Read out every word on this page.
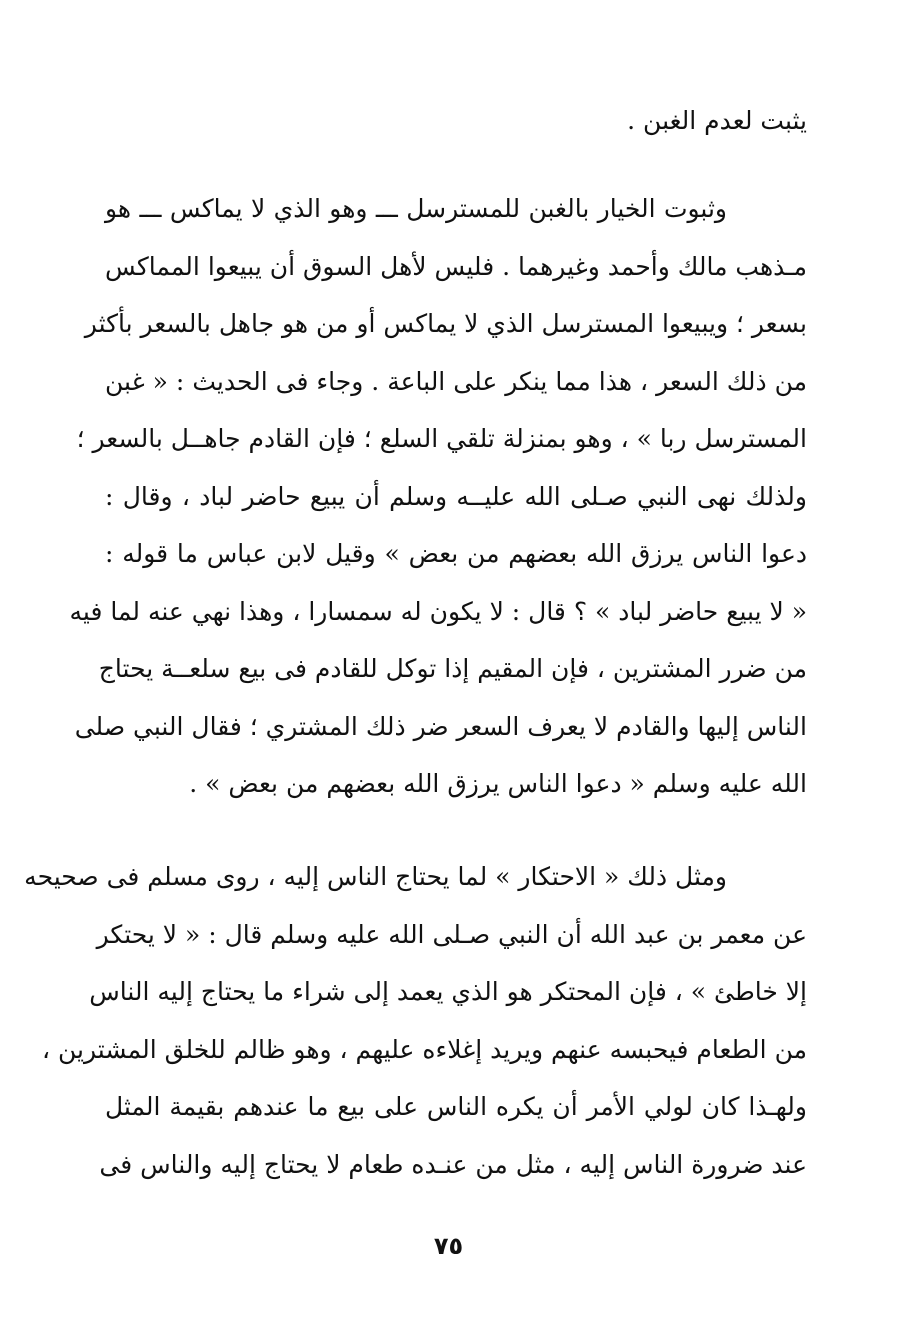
يثبت لعدم الغبن .

وثبوت الخيار بالغبن للمسترسل ـــ وهو الذي لا يماكس ـــ هو
مـذهب مالك وأحمد وغيرهما . فليس لأهل السوق أن يبيعوا المماكس
بسعر ؛ ويبيعوا المسترسل الذي لا يماكس أو من هو جاهل بالسعر بأكثر
من ذلك السعر ، هذا مما ينكر على الباعة . وجاء فى الحديث : « غبن
المسترسل ربا » ، وهو بمنزلة تلقي السلع ؛ فإن القادم جاهــل بالسعر ؛
ولذلك نهى النبي صـلى الله عليــه وسلم أن يبيع حاضر لباد ، وقال :
دعوا الناس يرزق الله بعضهم من بعض » وقيل لابن عباس ما قوله :
« لا يبيع حاضر لباد » ؟ قال : لا يكون له سمسارا ، وهذا نهي عنه لما فيه
من ضرر المشترين ، فإن المقيم إذا توكل للقادم فى بيع سلعــة يحتاج
الناس إليها والقادم لا يعرف السعر ضر ذلك المشتري ؛ فقال النبي صلى
الله عليه وسلم « دعوا الناس يرزق الله بعضهم من بعض » .

ومثل ذلك « الاحتكار » لما يحتاج الناس إليه ، روى مسلم فى صحيحه
عن معمر بن عبد الله أن النبي صـلى الله عليه وسلم قال : « لا يحتكر
إلا خاطئ » ، فإن المحتكر هو الذي يعمد إلى شراء ما يحتاج إليه الناس
من الطعام فيحبسه عنهم ويريد إغلاءه عليهم ، وهو ظالم للخلق المشترين ،
ولهـذا كان لولي الأمر أن يكره الناس على بيع ما عندهم بقيمة المثل
عند ضرورة الناس إليه ، مثل من عنـده طعام لا يحتاج إليه والناس فى

٧٥
